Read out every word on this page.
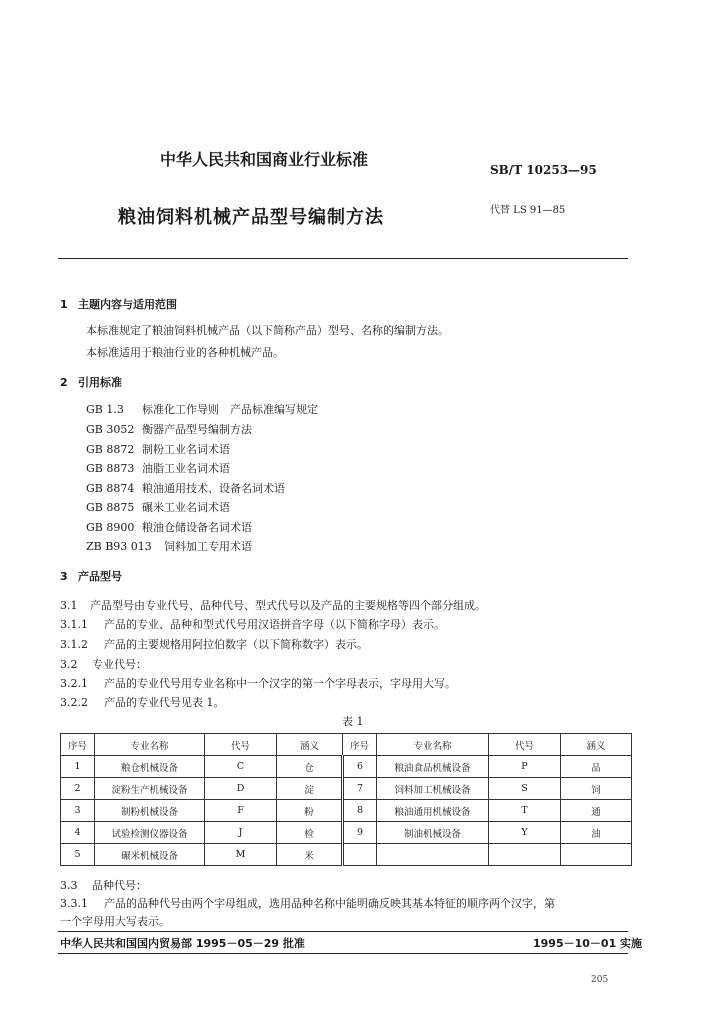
中华人民共和国商业行业标准
SB/T 10253—95
粮油饲料机械产品型号编制方法	代替 LS 91—85
1 主题内容与适用范围
本标准规定了粮油饲料机械产品（以下简称产品）型号、名称的编制方法。
本标准适用于粮油行业的各种机械产品。
2 引用标准
GB 1.3 标准化工作导则　产品标准编写规定
GB 3052 衡器产品型号编制方法
GB 8872 制粉工业名词术语
GB 8873 油脂工业名词术语
GB 8874 粮油通用技术、设备名词术语
GB 8875 碾米工业名词术语
GB 8900 粮油仓储设备名词术语
ZB B93 013 饲料加工专用术语
3 产品型号
3.1 产品型号由专业代号、品种代号、型式代号以及产品的主要规格等四个部分组成。
3.1.1 产品的专业、品种和型式代号用汉语拼音字母（以下简称字母）表示。
3.1.2 产品的主要规格用阿拉伯数字（以下简称数字）表示。
3.2 专业代号：
3.2.1 产品的专业代号用专业名称中一个汉字的第一个字母表示，字母用大写。
3.2.2 产品的专业代号见表 1。
表 1
序号	专业名称	代号	涵义	序号	专业名称	代号	涵义
1	粮仓机械设备	C	仓	6	粮油食品机械设备	P	品
2	淀粉生产机械设备	D	淀	7	饲料加工机械设备	S	饲
3	制粉机械设备	F	粉	8	粮油通用机械设备	T	通
4	试验检测仪器设备	J	检	9	制油机械设备	Y	油
5	碾米机械设备	M	米				
3.3 品种代号：
3.3.1 产品的品种代号由两个字母组成，选用品种名称中能明确反映其基本特征的顺序两个汉字，第
一个字母用大写表示。
中华人民共和国国内贸易部 1995－05－29 批准	1995－10－01 实施
205
